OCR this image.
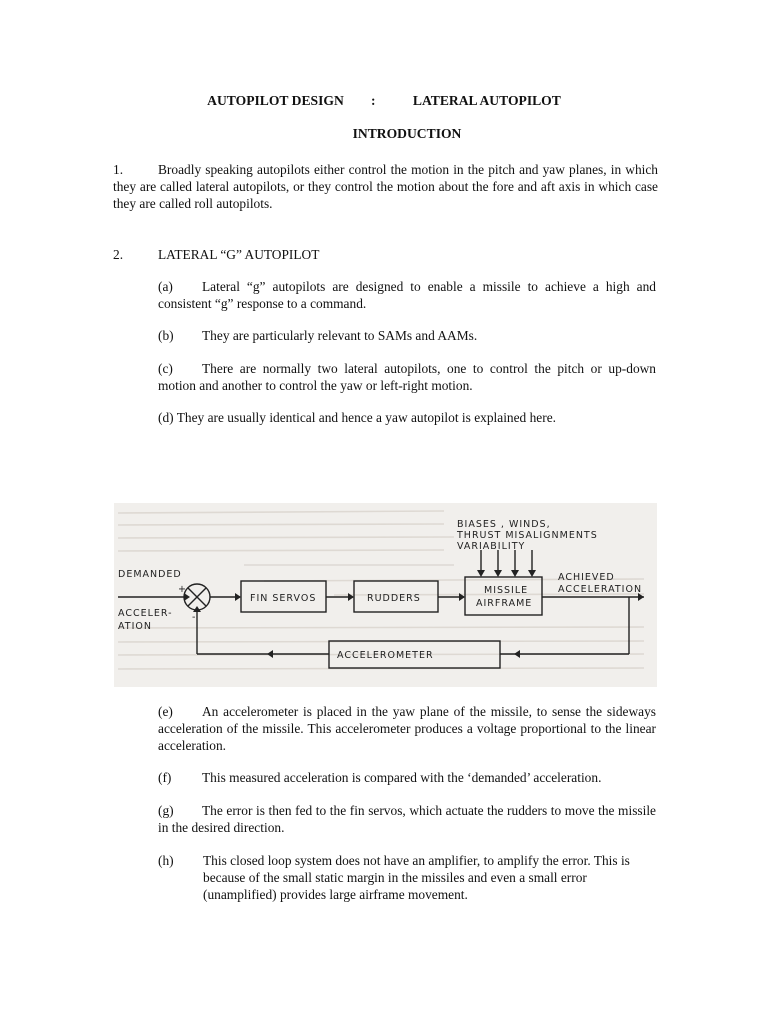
AUTOPILOT DESIGN        :           LATERAL AUTOPILOT
INTRODUCTION
1.	Broadly speaking autopilots either control the motion in the pitch and yaw planes, in which they are called lateral autopilots, or they control the motion about the fore and aft axis in which case they are called roll autopilots.
2.	LATERAL “G” AUTOPILOT
(a) Lateral “g” autopilots are designed to enable a missile to achieve a high and consistent “g” response to a command.
(b) They are particularly relevant to SAMs and AAMs.
(c) There are normally two lateral autopilots, one to control the pitch or up-down motion and another to control the yaw or left-right motion.
(d) They are usually identical and hence a yaw autopilot is explained here.
DEMANDED
ACCELER-
ATION
+
-
FIN SERVOS	RUDDERS
MISSILE
AIRFRAME
BIASES , WINDS,
THRUST MISALIGNMENTS
VARIABILITY
ACHIEVED
ACCELERATION
ACCELEROMETER
(e) An accelerometer is placed in the yaw plane of the missile, to sense the sideways acceleration of the missile. This accelerometer produces a voltage proportional to the linear acceleration.
(f) This measured acceleration is compared with the ‘demanded’ acceleration.
(g) The error is then fed to the fin servos, which actuate the rudders to move the missile in the desired direction.
(h) This closed loop system does not have an amplifier, to amplify the error. This is because of the small static margin in the missiles and even a small error (unamplified) provides large airframe movement.
